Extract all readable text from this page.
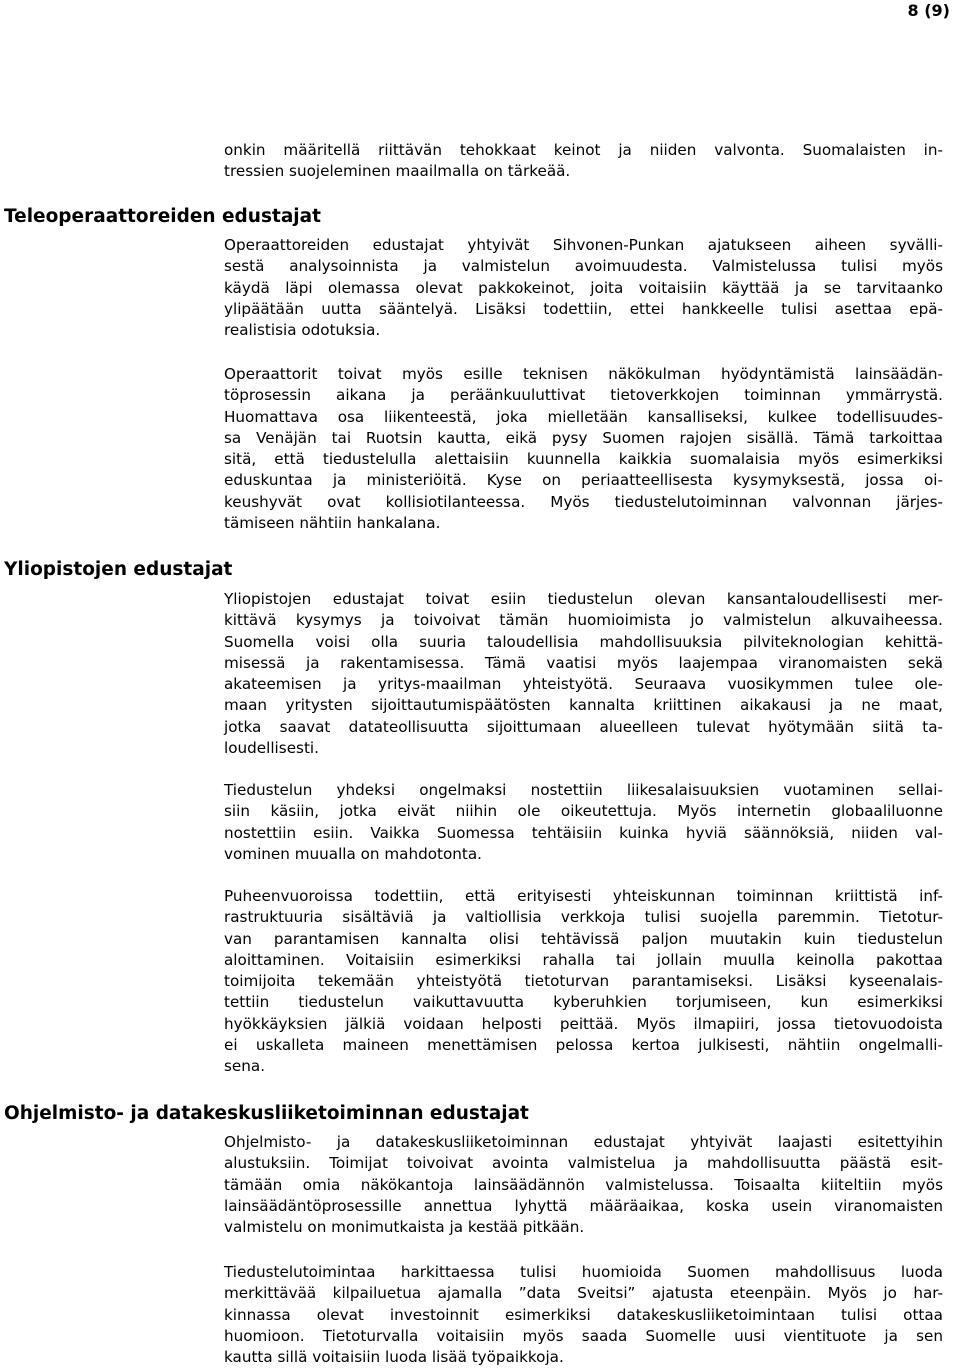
8 (9)
onkin määritellä riittävän tehokkaat keinot ja niiden valvonta. Suomalaisten in-
tressien suojeleminen maailmalla on tärkeää.
Teleoperaattoreiden edustajat
Operaattoreiden edustajat yhtyivät Sihvonen-Punkan ajatukseen aiheen syvälli-
sestä analysoinnista ja valmistelun avoimuudesta. Valmistelussa tulisi myös
käydä läpi olemassa olevat pakkokeinot, joita voitaisiin käyttää ja se tarvitaanko
ylipäätään uutta sääntelyä. Lisäksi todettiin, ettei hankkeelle tulisi asettaa epä-
realistisia odotuksia.
Operaattorit toivat myös esille teknisen näkökulman hyödyntämistä lainsäädän-
töprosessin aikana ja peräänkuuluttivat tietoverkkojen toiminnan ymmärrystä.
Huomattava osa liikenteestä, joka mielletään kansalliseksi, kulkee todellisuudes-
sa Venäjän tai Ruotsin kautta, eikä pysy Suomen rajojen sisällä. Tämä tarkoittaa
sitä, että tiedustelulla alettaisiin kuunnella kaikkia suomalaisia myös esimerkiksi
eduskuntaa ja ministeriöitä. Kyse on periaatteellisesta kysymyksestä, jossa oi-
keushyvät ovat kollisiotilanteessa. Myös tiedustelutoiminnan valvonnan järjes-
tämiseen nähtiin hankalana.
Yliopistojen edustajat
Yliopistojen edustajat toivat esiin tiedustelun olevan kansantaloudellisesti mer-
kittävä kysymys ja toivoivat tämän huomioimista jo valmistelun alkuvaiheessa.
Suomella voisi olla suuria taloudellisia mahdollisuuksia pilviteknologian kehittä-
misessä ja rakentamisessa. Tämä vaatisi myös laajempaa viranomaisten sekä
akateemisen ja yritys-maailman yhteistyötä. Seuraava vuosikymmen tulee ole-
maan yritysten sijoittautumispäätösten kannalta kriittinen aikakausi ja ne maat,
jotka saavat datateollisuutta sijoittumaan alueelleen tulevat hyötymään siitä ta-
loudellisesti.
Tiedustelun yhdeksi ongelmaksi nostettiin liikesalaisuuksien vuotaminen sellai-
siin käsiin, jotka eivät niihin ole oikeutettuja. Myös internetin globaaliluonne
nostettiin esiin. Vaikka Suomessa tehtäisiin kuinka hyviä säännöksiä, niiden val-
vominen muualla on mahdotonta.
Puheenvuoroissa todettiin, että erityisesti yhteiskunnan toiminnan kriittistä inf-
rastruktuuria sisältäviä ja valtiollisia verkkoja tulisi suojella paremmin. Tietotur-
van parantamisen kannalta olisi tehtävissä paljon muutakin kuin tiedustelun
aloittaminen. Voitaisiin esimerkiksi rahalla tai jollain muulla keinolla pakottaa
toimijoita tekemään yhteistyötä tietoturvan parantamiseksi. Lisäksi kyseenalais-
tettiin tiedustelun vaikuttavuutta kyberuhkien torjumiseen, kun esimerkiksi
hyökkäyksien jälkiä voidaan helposti peittää. Myös ilmapiiri, jossa tietovuodoista
ei uskalleta maineen menettämisen pelossa kertoa julkisesti, nähtiin ongelmalli-
sena.
Ohjelmisto- ja datakeskusliiketoiminnan edustajat
Ohjelmisto- ja datakeskusliiketoiminnan edustajat yhtyivät laajasti esitettyihin
alustuksiin. Toimijat toivoivat avointa valmistelua ja mahdollisuutta päästä esit-
tämään omia näkökantoja lainsäädännön valmistelussa. Toisaalta kiiteltiin myös
lainsäädäntöprosessille annettua lyhyttä määräaikaa, koska usein viranomaisten
valmistelu on monimutkaista ja kestää pitkään.
Tiedustelutoimintaa harkittaessa tulisi huomioida Suomen mahdollisuus luoda
merkittävää kilpailuetua ajamalla ”data Sveitsi” ajatusta eteenpäin. Myös jo har-
kinnassa olevat investoinnit esimerkiksi datakeskusliiketoimintaan tulisi ottaa
huomioon. Tietoturvalla voitaisiin myös saada Suomelle uusi vientituote ja sen
kautta sillä voitaisiin luoda lisää työpaikkoja.
